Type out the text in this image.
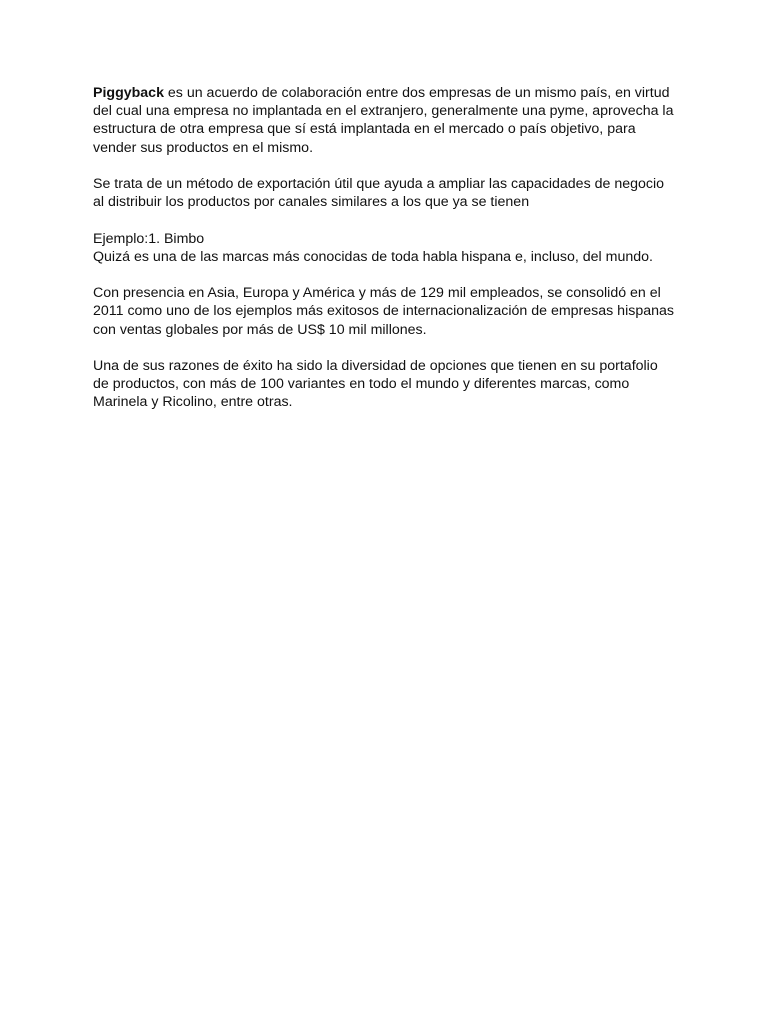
Piggyback es un acuerdo de colaboración entre dos empresas de un mismo país, en virtud
del cual una empresa no implantada en el extranjero, generalmente una pyme, aprovecha la
estructura de otra empresa que sí está implantada en el mercado o país objetivo, para
vender sus productos en el mismo.

Se trata de un método de exportación útil que ayuda a ampliar las capacidades de negocio
al distribuir los productos por canales similares a los que ya se tienen

Ejemplo:1. Bimbo

Quizá es una de las marcas más conocidas de toda habla hispana e, incluso, del mundo.

Con presencia en Asia, Europa y América y más de 129 mil empleados, se consolidó en el
2011 como uno de los ejemplos más exitosos de internacionalización de empresas hispanas
con ventas globales por más de US$ 10 mil millones.

Una de sus razones de éxito ha sido la diversidad de opciones que tienen en su portafolio
de productos, con más de 100 variantes en todo el mundo y diferentes marcas, como
Marinela y Ricolino, entre otras.
